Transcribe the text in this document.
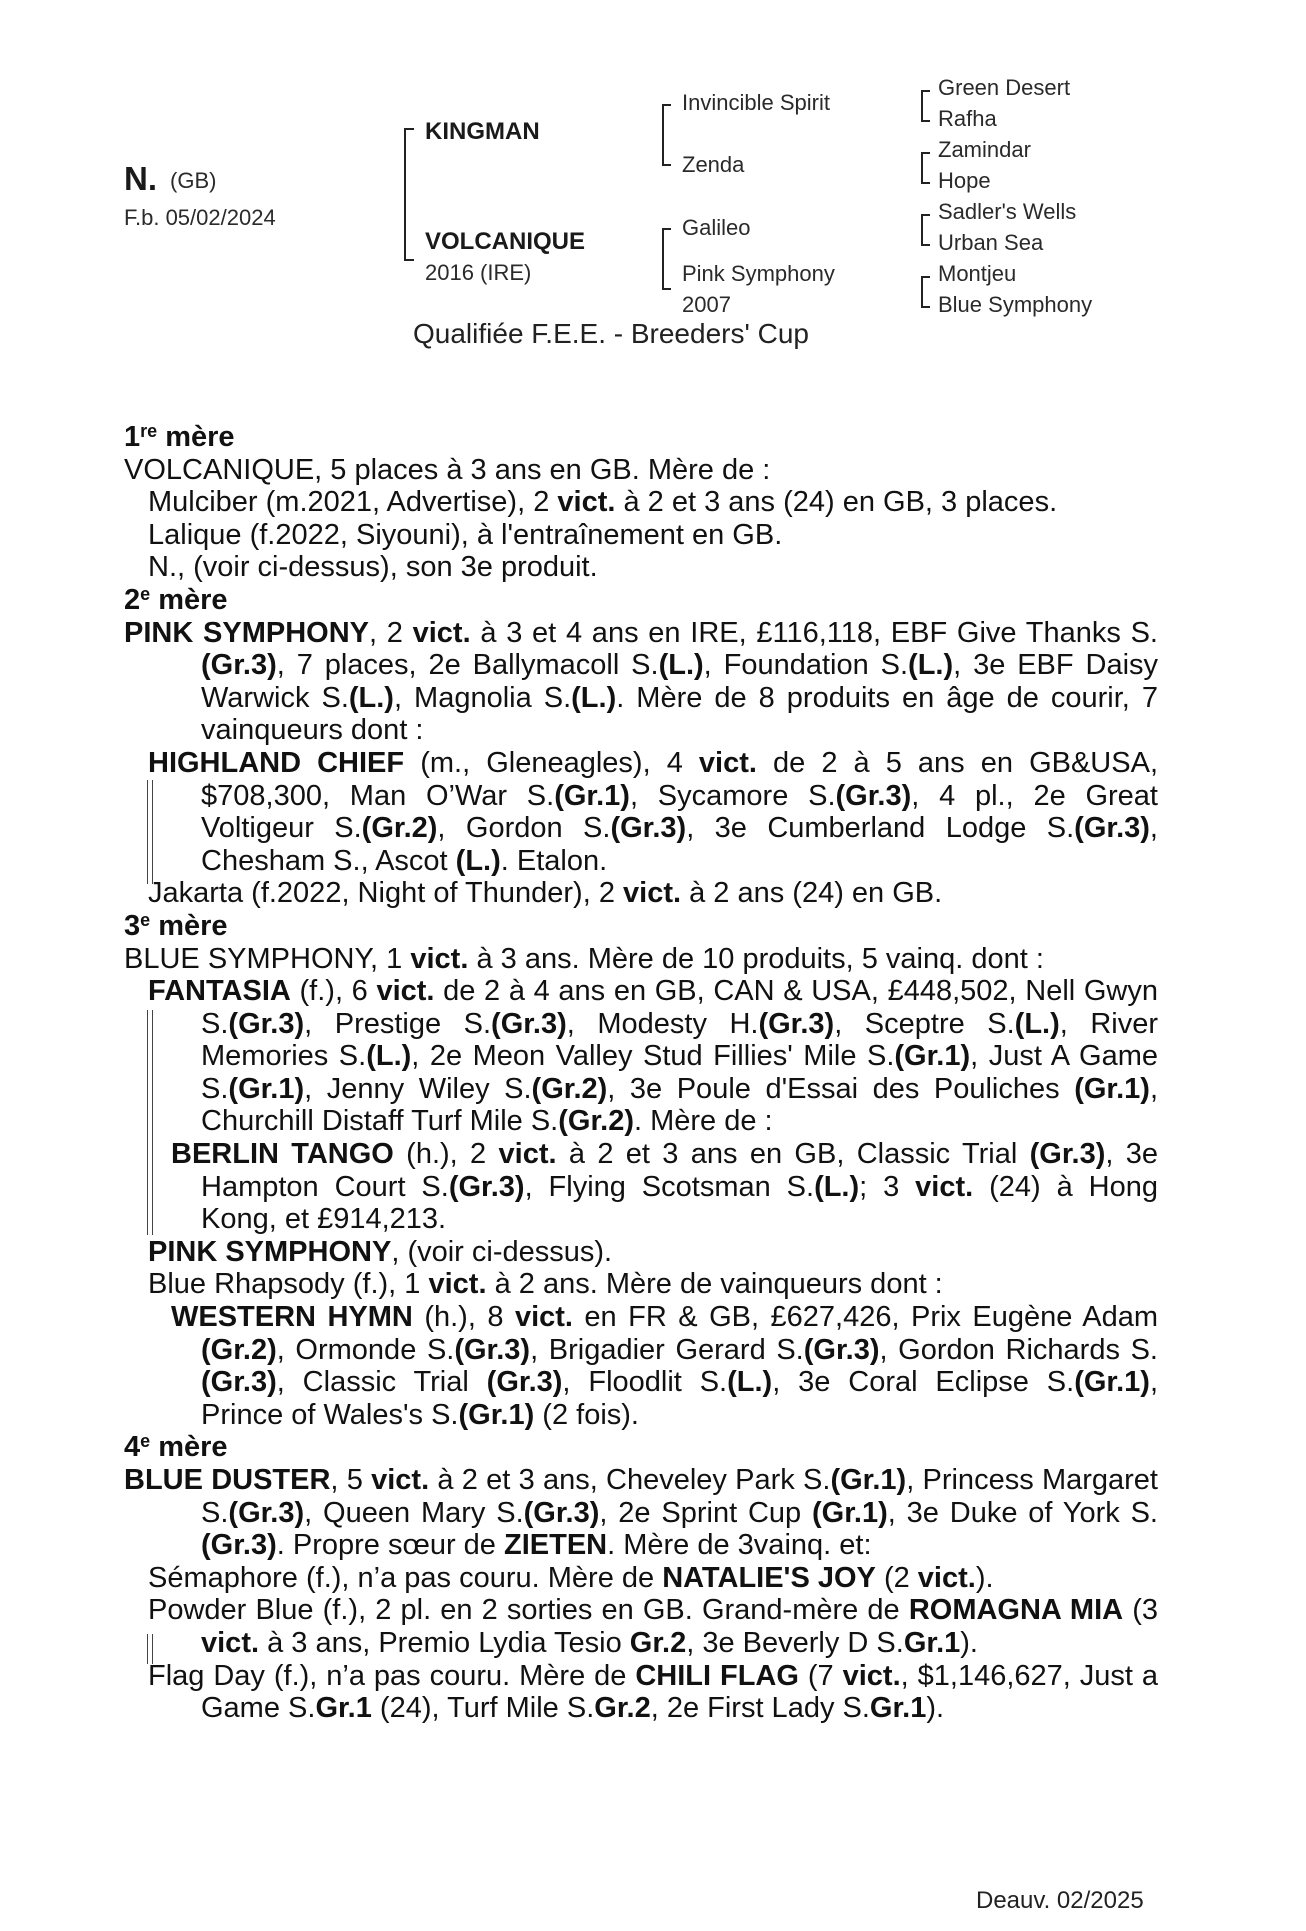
N. (GB)
F.b. 05/02/2024
KINGMAN
VOLCANIQUE
2016 (IRE)
Invincible Spirit
Zenda
Galileo
Pink Symphony
2007
Green Desert
Rafha
Zamindar
Hope
Sadler's Wells
Urban Sea
Montjeu
Blue Symphony
Qualifiée F.E.E. - Breeders' Cup

1re mère

VOLCANIQUE, 5 places à 3 ans en GB. Mère de :

Mulciber (m.2021, Advertise), 2 vict. à 2 et 3 ans (24) en GB, 3 places.

Lalique (f.2022, Siyouni), à l'entraînement en GB.

N., (voir ci-dessus), son 3e produit.

2e mère

PINK SYMPHONY, 2 vict. à 3 et 4 ans en IRE, £116,118, EBF Give Thanks S.(Gr.3), 7 places, 2e Ballymacoll S.(L.), Foundation S.(L.), 3e EBF Daisy Warwick S.(L.), Magnolia S.(L.). Mère de 8 produits en âge de courir, 7 vainqueurs dont :

HIGHLAND CHIEF (m., Gleneagles), 4 vict. de 2 à 5 ans en GB&USA, $708,300, Man O’War S.(Gr.1), Sycamore S.(Gr.3), 4 pl., 2e Great Voltigeur S.(Gr.2), Gordon S.(Gr.3), 3e Cumberland Lodge S.(Gr.3), Chesham S., Ascot (L.). Etalon.

Jakarta (f.2022, Night of Thunder), 2 vict. à 2 ans (24) en GB.

3e mère

BLUE SYMPHONY, 1 vict. à 3 ans. Mère de 10 produits, 5 vainq. dont :

FANTASIA (f.), 6 vict. de 2 à 4 ans en GB, CAN & USA, £448,502, Nell Gwyn S.(Gr.3), Prestige S.(Gr.3), Modesty H.(Gr.3), Sceptre S.(L.), River Memories S.(L.), 2e Meon Valley Stud Fillies' Mile S.(Gr.1), Just A Game S.(Gr.1), Jenny Wiley S.(Gr.2), 3e Poule d'Essai des Pouliches (Gr.1), Churchill Distaff Turf Mile S.(Gr.2). Mère de :

BERLIN TANGO (h.), 2 vict. à 2 et 3 ans en GB, Classic Trial (Gr.3), 3e Hampton Court S.(Gr.3), Flying Scotsman S.(L.); 3 vict. (24) à Hong Kong, et £914,213.

PINK SYMPHONY, (voir ci-dessus).

Blue Rhapsody (f.), 1 vict. à 2 ans. Mère de vainqueurs dont :

WESTERN HYMN (h.), 8 vict. en FR & GB, £627,426, Prix Eugène Adam (Gr.2), Ormonde S.(Gr.3), Brigadier Gerard S.(Gr.3), Gordon Richards S.(Gr.3), Classic Trial (Gr.3), Floodlit S.(L.), 3e Coral Eclipse S.(Gr.1), Prince of Wales's S.(Gr.1) (2 fois).

4e mère

BLUE DUSTER, 5 vict. à 2 et 3 ans, Cheveley Park S.(Gr.1), Princess Margaret S.(Gr.3), Queen Mary S.(Gr.3), 2e Sprint Cup (Gr.1), 3e Duke of York S.(Gr.3). Propre sœur de ZIETEN. Mère de 3vainq. et:

Sémaphore (f.), n’a pas couru. Mère de NATALIE'S JOY (2 vict.).

Powder Blue (f.), 2 pl. en 2 sorties en GB. Grand-mère de ROMAGNA MIA (3 vict. à 3 ans, Premio Lydia Tesio Gr.2, 3e Beverly D S.Gr.1).

Flag Day (f.), n’a pas couru. Mère de CHILI FLAG (7 vict., $1,146,627, Just a Game S.Gr.1 (24), Turf Mile S.Gr.2, 2e First Lady S.Gr.1).

Deauv. 02/2025
